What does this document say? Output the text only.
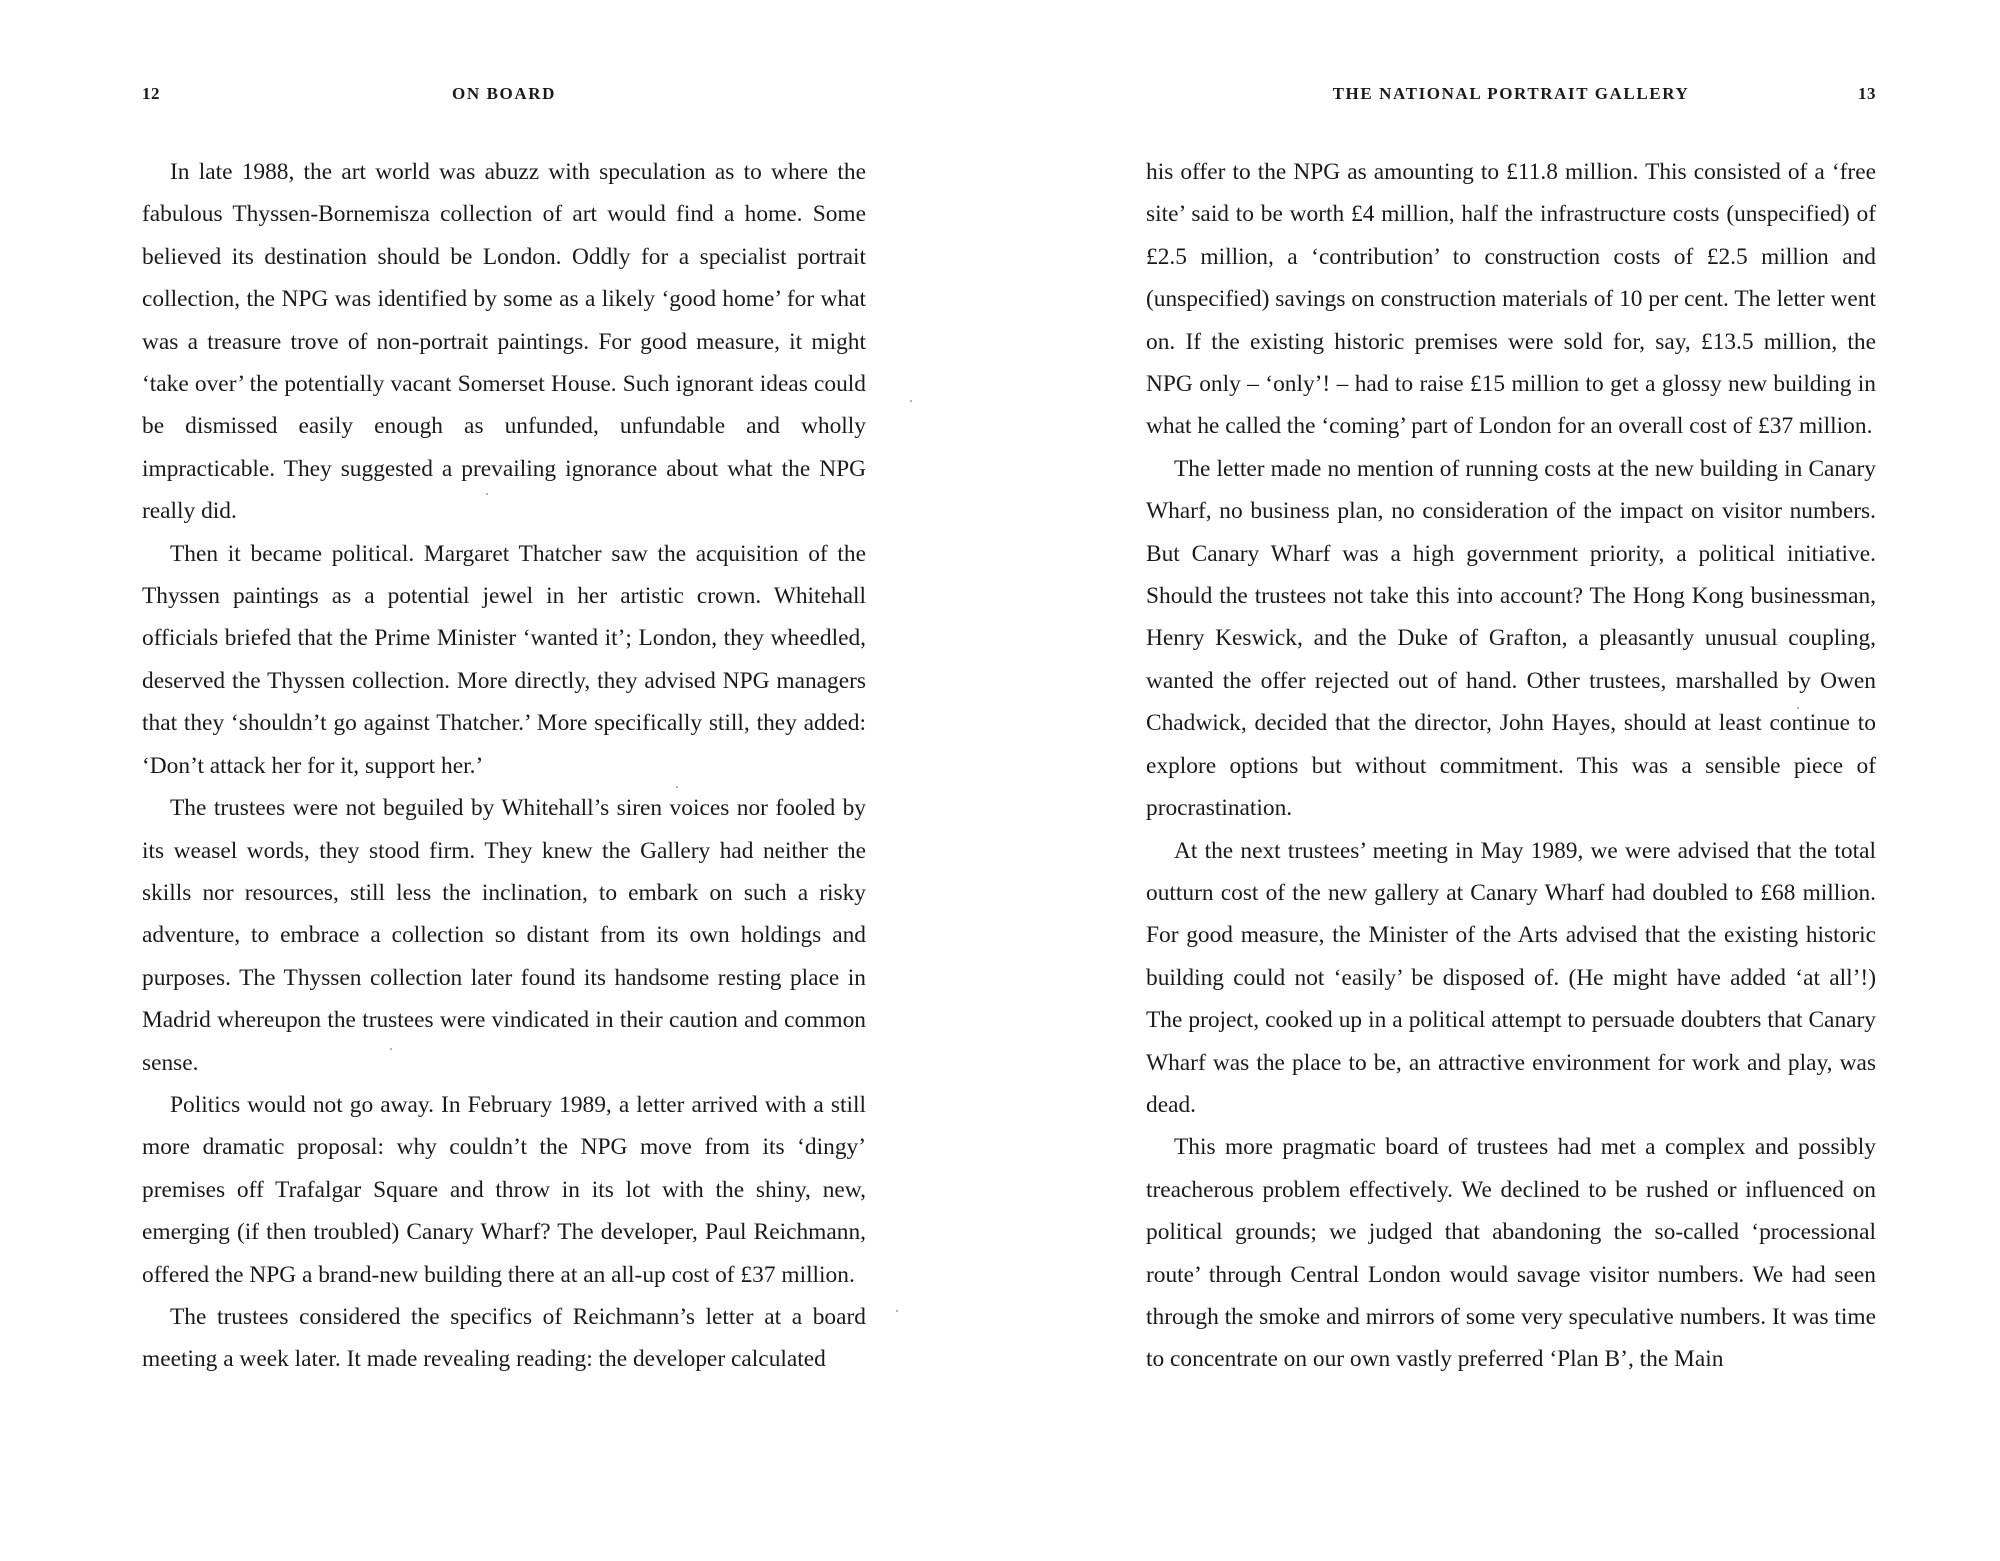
12	ON BOARD

In late 1988, the art world was abuzz with speculation as to where the fabulous Thyssen-Bornemisza collection of art would find a home. Some believed its destination should be London. Oddly for a specialist portrait collection, the NPG was identified by some as a likely ‘good home’ for what was a treasure trove of non-portrait paintings. For good measure, it might ‘take over’ the potentially vacant Somerset House. Such ignorant ideas could be dismissed easily enough as unfunded, unfundable and wholly impracticable. They suggested a prevailing ignorance about what the NPG really did.

Then it became political. Margaret Thatcher saw the acquisition of the Thyssen paintings as a potential jewel in her artistic crown. Whitehall officials briefed that the Prime Minister ‘wanted it’; London, they wheedled, deserved the Thyssen collection. More directly, they advised NPG managers that they ‘shouldn’t go against Thatcher.’ More specifically still, they added: ‘Don’t attack her for it, support her.’

The trustees were not beguiled by Whitehall’s siren voices nor fooled by its weasel words, they stood firm. They knew the Gallery had neither the skills nor resources, still less the inclination, to embark on such a risky adventure, to embrace a collection so distant from its own holdings and purposes. The Thyssen collection later found its handsome resting place in Madrid whereupon the trustees were vindicated in their caution and common sense.

Politics would not go away. In February 1989, a letter arrived with a still more dramatic proposal: why couldn’t the NPG move from its ‘dingy’ premises off Trafalgar Square and throw in its lot with the shiny, new, emerging (if then troubled) Canary Wharf? The developer, Paul Reichmann, offered the NPG a brand-new building there at an all-up cost of £37 million.

The trustees considered the specifics of Reichmann’s letter at a board meeting a week later. It made revealing reading: the developer calculated

THE NATIONAL PORTRAIT GALLERY	13

his offer to the NPG as amounting to £11.8 million. This consisted of a ‘free site’ said to be worth £4 million, half the infrastructure costs (unspecified) of £2.5 million, a ‘contribution’ to construction costs of £2.5 million and (unspecified) savings on construction materials of 10 per cent. The letter went on. If the existing historic premises were sold for, say, £13.5 million, the NPG only – ‘only’! – had to raise £15 million to get a glossy new building in what he called the ‘coming’ part of London for an overall cost of £37 million.

The letter made no mention of running costs at the new building in Canary Wharf, no business plan, no consideration of the impact on visitor numbers. But Canary Wharf was a high government priority, a political initiative. Should the trustees not take this into account? The Hong Kong businessman, Henry Keswick, and the Duke of Grafton, a pleasantly unusual coupling, wanted the offer rejected out of hand. Other trustees, marshalled by Owen Chadwick, decided that the director, John Hayes, should at least continue to explore options but without commitment. This was a sensible piece of procrastination.

At the next trustees’ meeting in May 1989, we were advised that the total outturn cost of the new gallery at Canary Wharf had doubled to £68 million. For good measure, the Minister of the Arts advised that the existing historic building could not ‘easily’ be disposed of. (He might have added ‘at all’!) The project, cooked up in a political attempt to persuade doubters that Canary Wharf was the place to be, an attractive environment for work and play, was dead.

This more pragmatic board of trustees had met a complex and possibly treacherous problem effectively. We declined to be rushed or influenced on political grounds; we judged that abandoning the so-called ‘processional route’ through Central London would savage visitor numbers. We had seen through the smoke and mirrors of some very speculative numbers. It was time to concentrate on our own vastly preferred ‘Plan B’, the Main
